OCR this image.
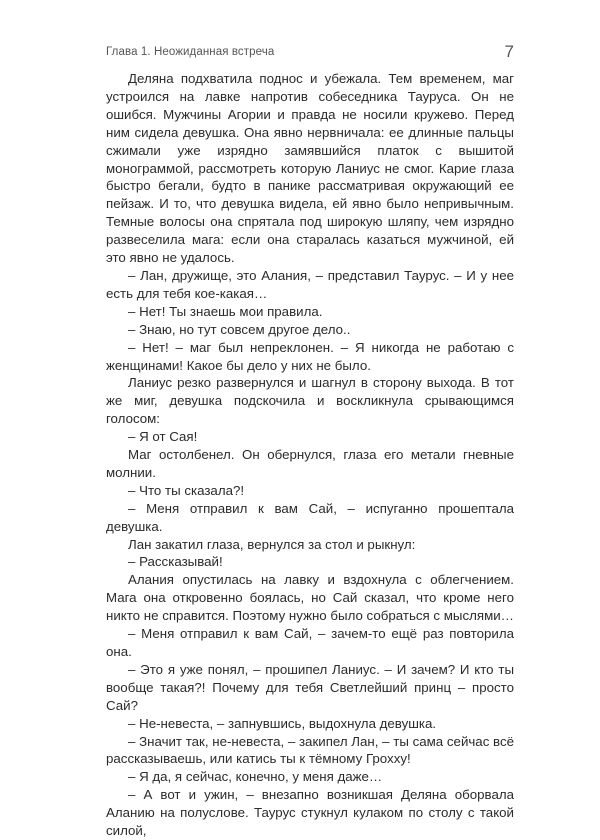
Глава 1. Неожиданная встреча	7

Деляна подхватила поднос и убежала. Тем временем, маг устроился на лавке напротив собеседника Тауруса. Он не ошибся. Мужчины Агории и правда не носили кружево. Перед ним сидела девушка. Она явно нервничала: ее длинные пальцы сжимали уже изрядно замявшийся платок с вышитой монограммой, рассмотреть которую Ланиус не смог. Карие глаза быстро бегали, будто в панике рассматривая окружающий ее пейзаж. И то, что девушка видела, ей явно было непривычным. Темные волосы она спрятала под широкую шляпу, чем изрядно развеселила мага: если она старалась казаться мужчиной, ей это явно не удалось.

– Лан, дружище, это Алания, – представил Таурус. – И у нее есть для тебя кое-какая…

– Нет! Ты знаешь мои правила.

– Знаю, но тут совсем другое дело..

– Нет! – маг был непреклонен. – Я никогда не работаю с женщинами! Какое бы дело у них не было.

Ланиус резко развернулся и шагнул в сторону выхода. В тот же миг, девушка подскочила и воскликнула срывающимся голосом:

– Я от Сая!

Маг остолбенел. Он обернулся, глаза его метали гневные молнии.

– Что ты сказала?!

– Меня отправил к вам Сай, – испуганно прошептала девушка.

Лан закатил глаза, вернулся за стол и рыкнул:

– Рассказывай!

Алания опустилась на лавку и вздохнула с облегчением. Мага она откровенно боялась, но Сай сказал, что кроме него никто не справится. Поэтому нужно было собраться с мыслями…

– Меня отправил к вам Сай, – зачем-то ещё раз повторила она.

– Это я уже понял, – прошипел Ланиус. – И зачем? И кто ты вообще такая?! Почему для тебя Светлейший принц – просто Сай?

– Не-невеста, – запнувшись, выдохнула девушка.

– Значит так, не-невеста, – закипел Лан, – ты сама сейчас всё рассказываешь, или катись ты к тёмному Грохху!

– Я да, я сейчас, конечно, у меня даже…

– А вот и ужин, – внезапно возникшая Деляна оборвала Аланию на полуслове. Таурус стукнул кулаком по столу с такой силой,
